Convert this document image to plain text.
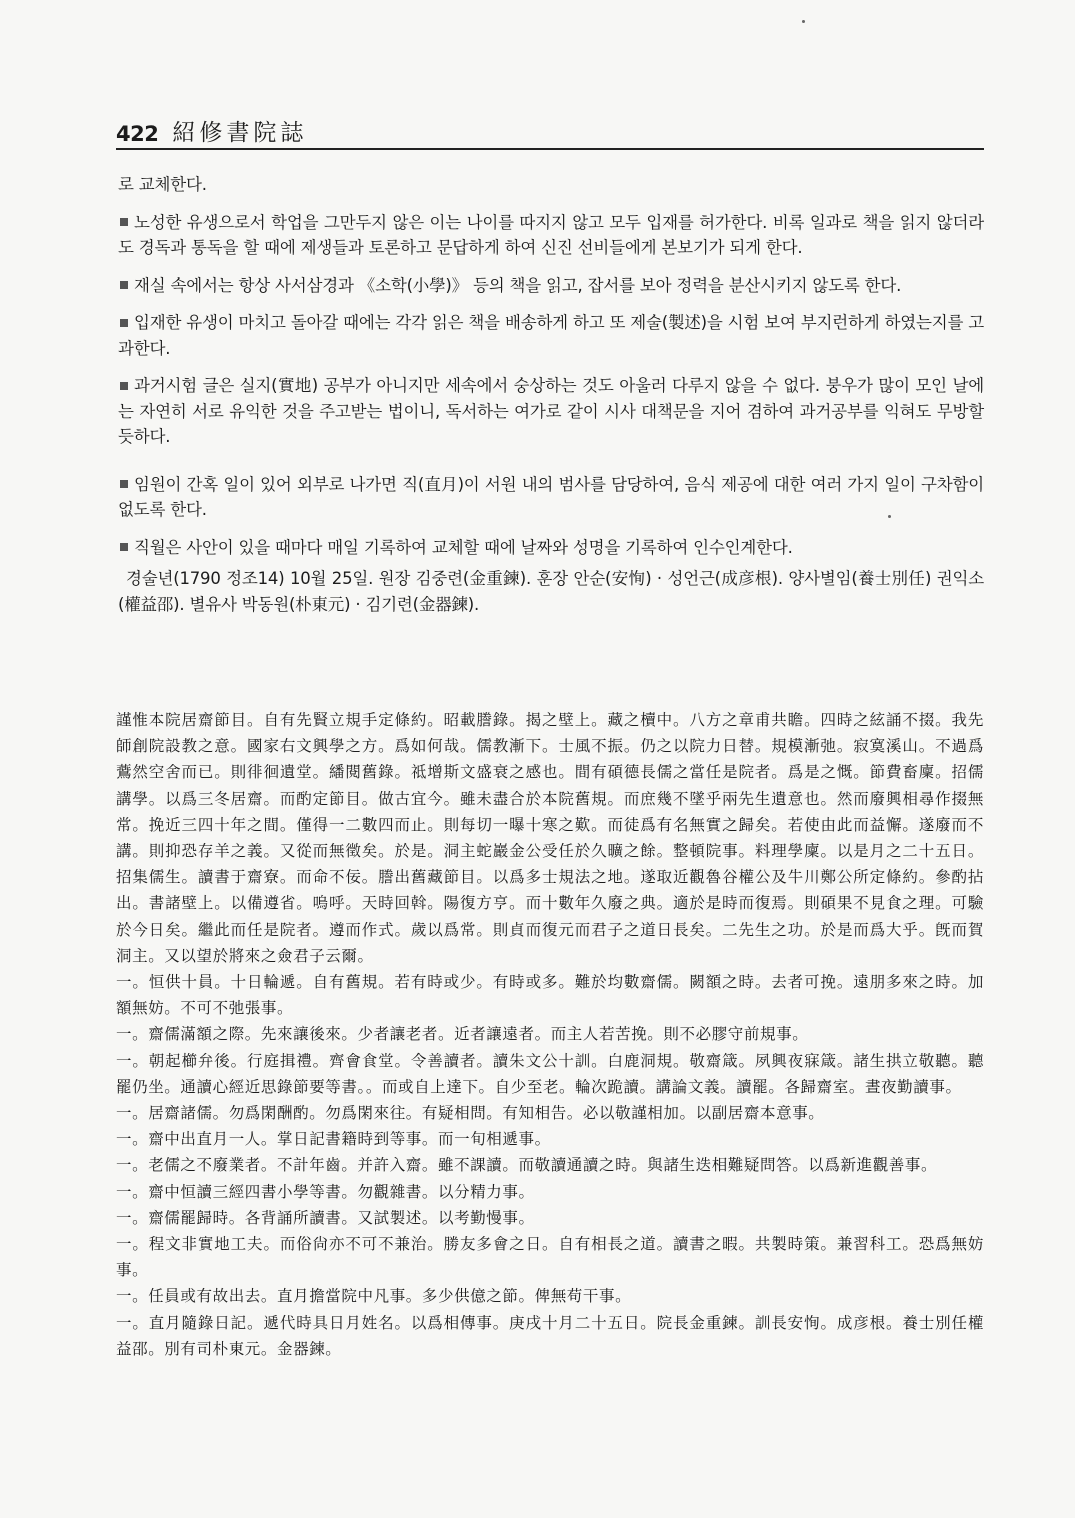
422 紹修書院誌

로 교체한다.

노성한 유생으로서 학업을 그만두지 않은 이는 나이를 따지지 않고 모두 입재를 허가한다. 비록 일과로 책을 읽지 않더라도 경독과 통독을 할 때에 제생들과 토론하고 문답하게 하여 신진 선비들에게 본보기가 되게 한다.

재실 속에서는 항상 사서삼경과 《소학(小學)》 등의 책을 읽고, 잡서를 보아 정력을 분산시키지 않도록 한다.

입재한 유생이 마치고 돌아갈 때에는 각각 읽은 책을 배송하게 하고 또 제술(製述)을 시험 보여 부지런하게 하였는지를 고과한다.

과거시험 글은 실지(實地) 공부가 아니지만 세속에서 숭상하는 것도 아울러 다루지 않을 수 없다. 붕우가 많이 모인 날에는 자연히 서로 유익한 것을 주고받는 법이니, 독서하는 여가로 같이 시사 대책문을 지어 겸하여 과거공부를 익혀도 무방할 듯하다.

임원이 간혹 일이 있어 외부로 나가면 직(直月)이 서원 내의 범사를 담당하여, 음식 제공에 대한 여러 가지 일이 구차함이 없도록 한다.

직월은 사안이 있을 때마다 매일 기록하여 교체할 때에 날짜와 성명을 기록하여 인수인계한다.

경술년(1790 정조14) 10월 25일. 원장 김중련(金重鍊). 훈장 안순(安恂) · 성언근(成彦根). 양사별임(養士別任) 권익소(權益邵). 별유사 박동원(朴東元) · 김기련(金器鍊).

謹惟本院居齋節目。自有先賢立規手定條約。昭載謄錄。揭之壁上。藏之櫝中。八方之章甫共瞻。四時之絃誦不掇。我先師創院設教之意。國家右文興學之方。爲如何哉。儒教漸下。士風不振。仍之以院力日替。規模漸弛。寂寞溪山。不過爲鷰然空舍而已。則徘徊遺堂。繙閱舊錄。祗增斯文盛衰之感也。間有碩德長儒之當任是院者。爲是之慨。節費畜廩。招儒講學。以爲三冬居齋。而酌定節目。做古宜今。雖未盡合於本院舊規。而庶幾不墜乎兩先生遺意也。然而廢興相尋作掇無常。挽近三四十年之間。僅得一二數四而止。則每切一曝十寒之歎。而徒爲有名無實之歸矣。若使由此而益懈。遂廢而不講。則抑恐存羊之義。又從而無徵矣。於是。洞主蛇巖金公受任於久曠之餘。整頓院事。料理學廩。以是月之二十五日。招集儒生。讀書于齋寮。而命不佞。謄出舊藏節目。以爲多士規法之地。遂取近觀魯谷權公及牛川鄭公所定條約。參酌拈出。書諸壁上。以備遵省。嗚呼。天時回斡。陽復方亨。而十數年久廢之典。適於是時而復焉。則碩果不見食之理。可驗於今日矣。繼此而任是院者。遵而作式。歲以爲常。則貞而復元而君子之道日長矣。二先生之功。於是而爲大乎。旣而賀洞主。又以望於將來之僉君子云爾。

一。恒供十員。十日輪遞。自有舊規。若有時或少。有時或多。難於均數齋儒。闕額之時。去者可挽。遠朋多來之時。加額無妨。不可不弛張事。

一。齋儒滿額之際。先來讓後來。少者讓老者。近者讓遠者。而主人若苦挽。則不必膠守前規事。

一。朝起櫛弁後。行庭揖禮。齊會食堂。令善讀者。讀朱文公十訓。白鹿洞規。敬齋箴。夙興夜寐箴。諸生拱立敬聽。聽罷仍坐。通讀心經近思錄節要等書。。而或自上達下。自少至老。輪次跪讀。講論文義。讀罷。各歸齋室。晝夜勤讀事。

一。居齋諸儒。勿爲閑酬酌。勿爲閑來往。有疑相問。有知相告。必以敬謹相加。以副居齋本意事。

一。齋中出直月一人。掌日記書籍時到等事。而一旬相遞事。

一。老儒之不廢業者。不計年齒。并許入齋。雖不課讀。而敬讀通讀之時。與諸生迭相難疑問答。以爲新進觀善事。

一。齋中恒讀三經四書小學等書。勿觀雜書。以分精力事。

一。齋儒罷歸時。各背誦所讀書。又試製述。以考勤慢事。

一。程文非實地工夫。而俗尙亦不可不兼治。勝友多會之日。自有相長之道。讀書之暇。共製時策。兼習科工。恐爲無妨事。

一。任員或有故出去。直月擔當院中凡事。多少供億之節。俾無苟干事。

一。直月隨錄日記。遞代時具日月姓名。以爲相傳事。庚戌十月二十五日。院長金重鍊。訓長安恂。成彦根。養士別任權益邵。別有司朴東元。金器鍊。
